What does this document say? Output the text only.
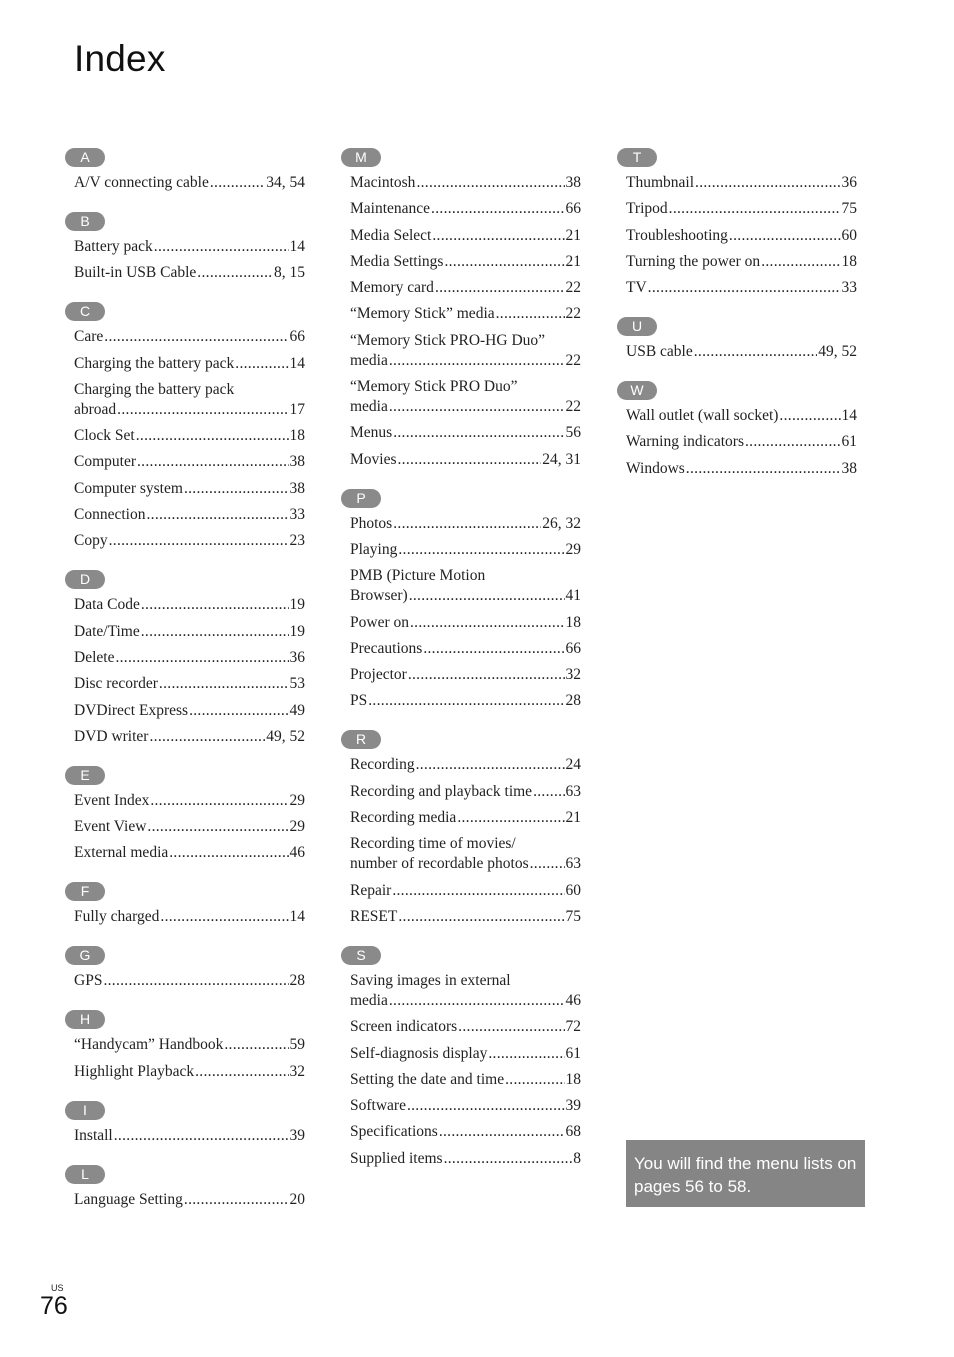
Index
A
A/V connecting cable .....	34, 54
B
Battery pack .....	14
Built-in USB Cable .....	8, 15
C
Care .....	66
Charging the battery pack .....	14
Charging the battery pack
abroad .....	17
Clock Set .....	18
Computer .....	38
Computer system .....	38
Connection .....	33
Copy .....	23
D
Data Code .....	19
Date/Time .....	19
Delete .....	36
Disc recorder .....	53
DVDirect Express .....	49
DVD writer .....	49, 52
E
Event Index .....	29
Event View .....	29
External media .....	46
F
Fully charged .....	14
G
GPS .....	28
H
“Handycam” Handbook .....	59
Highlight Playback .....	32
I
Install .....	39
L
Language Setting .....	20
M
Macintosh .....	38
Maintenance .....	66
Media Select .....	21
Media Settings .....	21
Memory card .....	22
“Memory Stick” media .....	22
“Memory Stick PRO-HG Duo”
media .....	22
“Memory Stick PRO Duo”
media .....	22
Menus .....	56
Movies .....	24, 31
P
Photos .....	26, 32
Playing .....	29
PMB (Picture Motion
Browser) .....	41
Power on .....	18
Precautions .....	66
Projector .....	32
PS .....	28
R
Recording .....	24
Recording and playback time ..... 63
Recording media .....	21
Recording time of movies/
number of recordable photos ..... 63
Repair .....	60
RESET .....	75
S
Saving images in external
media .....	46
Screen indicators .....	72
Self-diagnosis display .....	61
Setting the date and time .....	18
Software .....	39
Specifications .....	68
Supplied items .....	8
T
Thumbnail .....	36
Tripod .....	75
Troubleshooting .....	60
Turning the power on .....	18
TV .....	33
U
USB cable .....	49, 52
W
Wall outlet (wall socket) .....	14
Warning indicators .....	61
Windows .....	38
You will find the menu lists on pages 56 to 58.
US
76
